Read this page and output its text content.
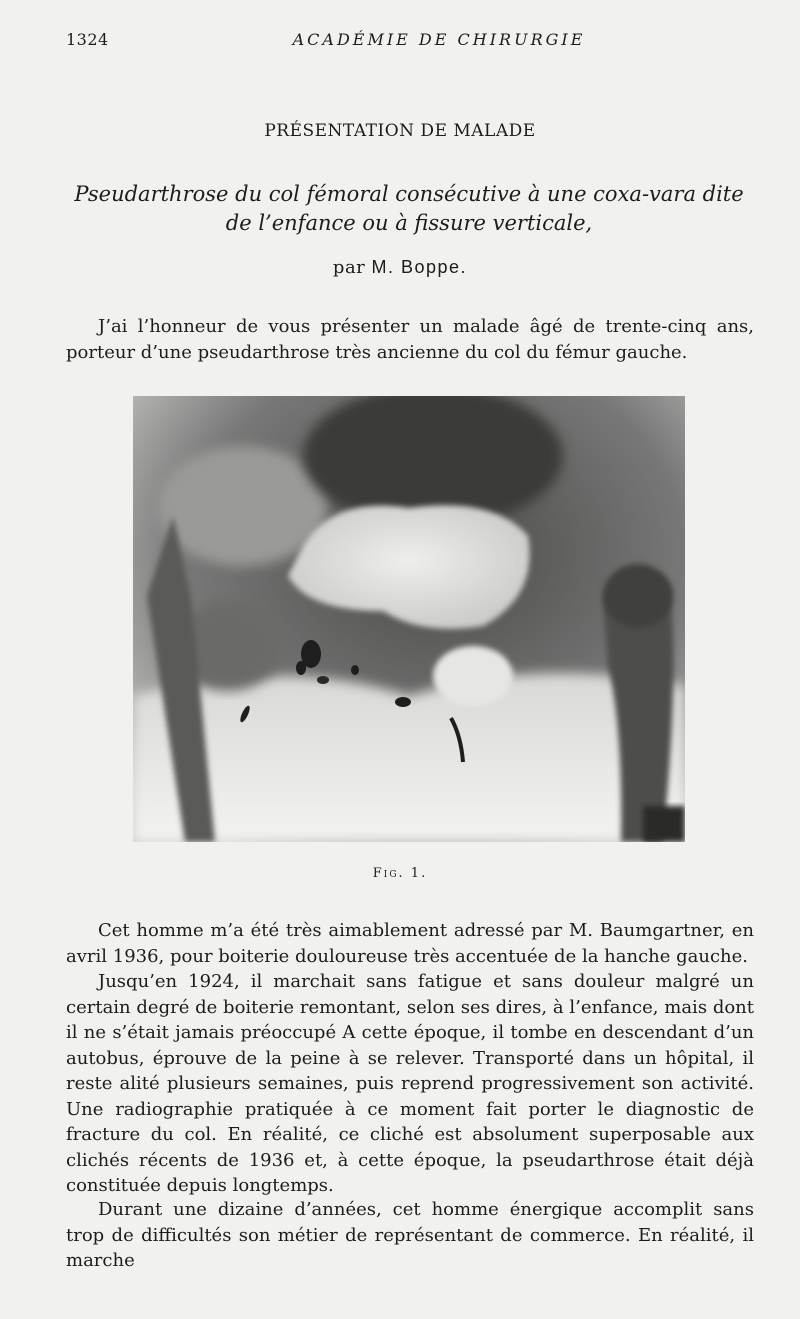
1324	ACADÉMIE DE CHIRURGIE
PRÉSENTATION DE MALADE
Pseudarthrose du col fémoral consécutive à une coxa-vara dite de l’enfance ou à fissure verticale,
par M. Boppe.

J’ai l’honneur de vous présenter un malade âgé de trente-cinq ans, porteur d’une pseudarthrose très ancienne du col du fémur gauche.

Fig. 1.

Cet homme m’a été très aimablement adressé par M. Baumgartner, en avril 1936, pour boiterie douloureuse très accentuée de la hanche gauche.

Jusqu’en 1924, il marchait sans fatigue et sans douleur malgré un certain degré de boiterie remontant, selon ses dires, à l’enfance, mais dont il ne s’était jamais préoccupé A cette époque, il tombe en descendant d’un autobus, éprouve de la peine à se relever. Transporté dans un hôpital, il reste alité plusieurs semaines, puis reprend progressivement son activité. Une radiographie pratiquée à ce moment fait porter le diagnostic de fracture du col. En réalité, ce cliché est absolument superposable aux clichés récents de 1936 et, à cette époque, la pseudarthrose était déjà constituée depuis longtemps.

Durant une dizaine d’années, cet homme énergique accomplit sans trop de difficultés son métier de représentant de commerce. En réalité, il marche
